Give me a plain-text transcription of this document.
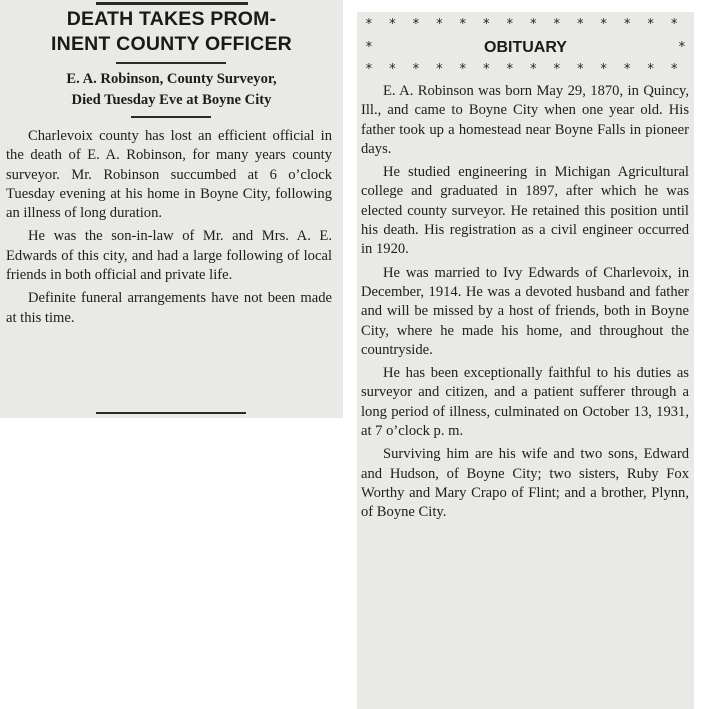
DEATH TAKES PROM-
INENT COUNTY OFFICER

E. A. Robinson, County Surveyor,

Died Tuesday Eve at Boyne City

Charlevoix county has lost an efficient official in the death of E. A. Robinson, for many years county surveyor. Mr. Robinson succumbed at 6 o’clock Tuesday evening at his home in Boyne City, following an illness of long duration.

He was the son-in-law of Mr. and Mrs. A. E. Edwards of this city, and had a large following of local friends in both official and private life.

Definite funeral arrangements have not been made at this time.

*  *  *  *  *  *  *  *  *  *  *  *  *  *
*	OBITUARY	*
*  *  *  *  *  *  *  *  *  *  *  *  *  *

E. A. Robinson was born May 29, 1870, in Quincy, Ill., and came to Boyne City when one year old. His father took up a homestead near Boyne Falls in pioneer days.

He studied engineering in Michigan Agricultural college and graduated in 1897, after which he was elected county surveyor. He retained this position until his death. His registration as a civil engineer occurred in 1920.

He was married to Ivy Edwards of Charlevoix, in December, 1914. He was a devoted husband and father and will be missed by a host of friends, both in Boyne City, where he made his home, and throughout the countryside.

He has been exceptionally faithful to his duties as surveyor and citizen, and a patient sufferer through a long period of illness, culminated on October 13, 1931, at 7 o’clock p. m.

Surviving him are his wife and two sons, Edward and Hudson, of Boyne City; two sisters, Ruby Fox Worthy and Mary Crapo of Flint; and a brother, Plynn, of Boyne City.
